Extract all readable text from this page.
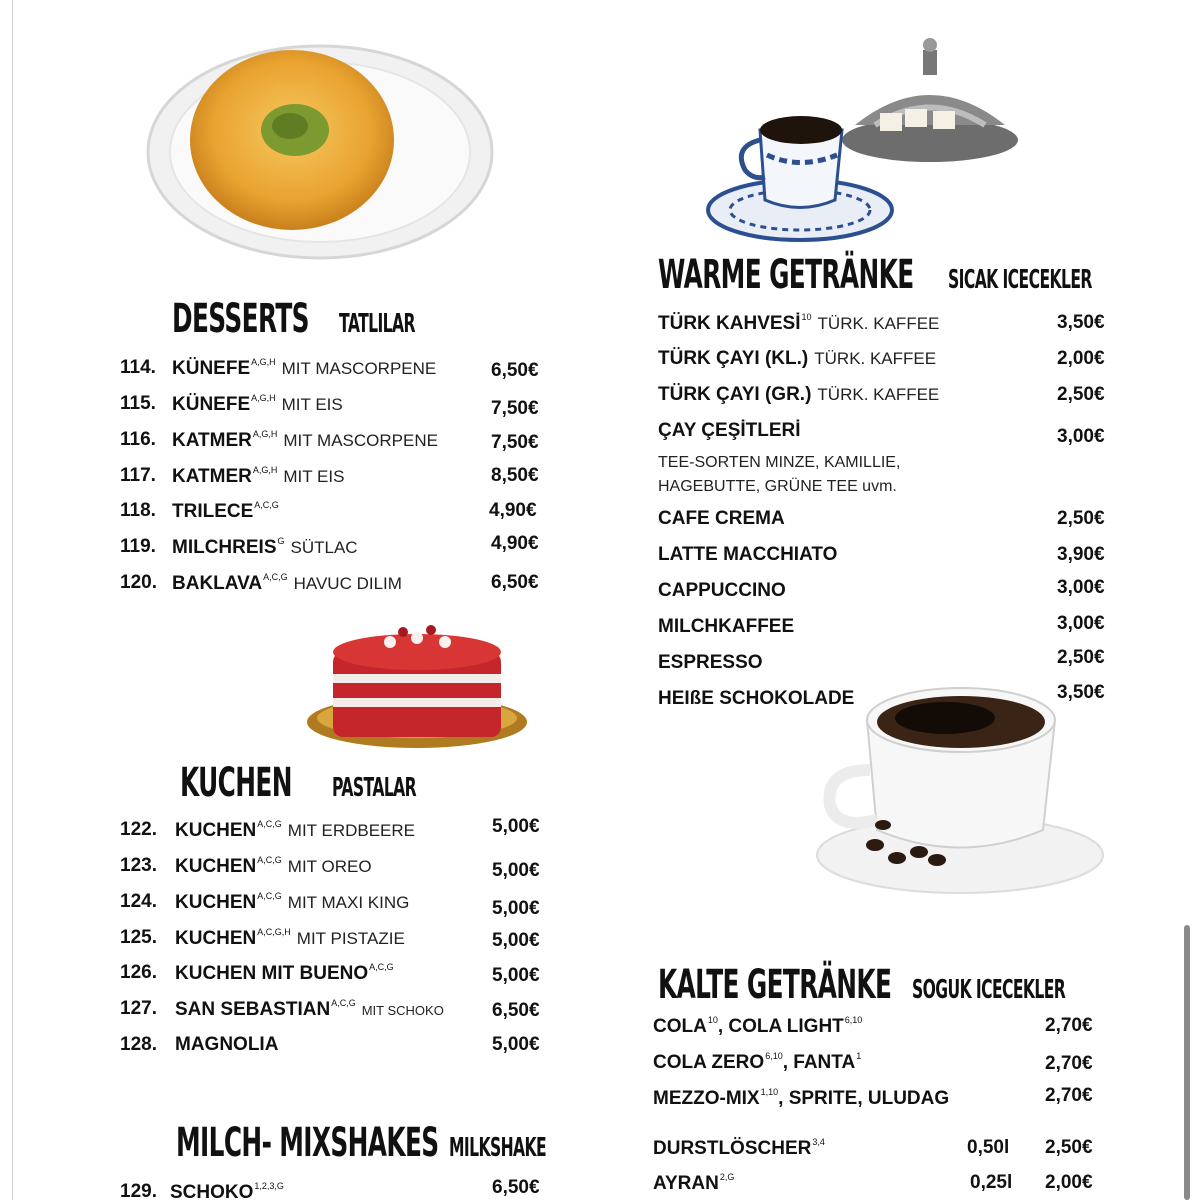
DESSERTS TATLILAR
114. $KÜNEFE^{A,G,H}$ MIT MASCORPENE	6,50€
115. $KÜNEFE^{A,G,H}$ MIT EIS	7,50€
116. $KATMER^{A,G,H}$ MIT MASCORPENE	7,50€
117. $KATMER^{A,G,H}$ MIT EIS	8,50€
118. $TRILECE^{A,C,G}$	4,90€
119. $MILCHREIS^G$ SÜTLAC	4,90€
120. $BAKLAVA^{A,C,G}$ HAVUC DILIM	6,50€
KUCHEN PASTALAR
122. $KUCHEN^{A,C,G}$ MIT ERDBEERE	5,00€
123. $KUCHEN^{A,C,G}$ MIT OREO	5,00€
124. $KUCHEN^{A,C,G}$ MIT MAXI KING	5,00€
125. $KUCHEN^{A,C,G,H}$ MIT PISTAZIE	5,00€
126. KUCHEN MIT $BUENO^{A,C,G}$	5,00€
127. SAN $SEBASTIAN^{A,C,G}$ MIT SCHOKO	6,50€
128. MAGNOLIA	5,00€
MILCH- MIXSHAKES MILKSHAKE
129. $SCHOKO^{1,2,3,G}$	6,50€
WARME GETRÄNKE SICAK ICECEKLER
TÜRK KAHVESİ$^{10}$ TÜRK. KAFFEE	3,50€
TÜRK ÇAYI (KL.) TÜRK. KAFFEE	2,00€
TÜRK ÇAYI (GR.) TÜRK. KAFFEE	2,50€
ÇAY ÇEŞİTLERİ	3,00€
TEE-SORTEN MINZE, KAMILLIE,
HAGEBUTTE, GRÜNE TEE uvm.
CAFE CREMA	2,50€
LATTE MACCHIATO	3,90€
CAPPUCCINO	3,00€
MILCHKAFFEE	3,00€
ESPRESSO	2,50€
HEIßE SCHOKOLADE	3,50€
KALTE GETRÄNKE SOGUK ICECEKLER
COLA$^{10}$, COLA LIGHT$^{6,10}$	2,70€
COLA ZERO$^{6,10}$, FANTA$^1$	2,70€
MEZZO-MIX$^{1,10}$, SPRITE, ULUDAG	2,70€
DURSTLÖSCHER$^{3,4}$	0,50l 2,50€
$AYRAN^{2,G}$	0,25l 2,00€
